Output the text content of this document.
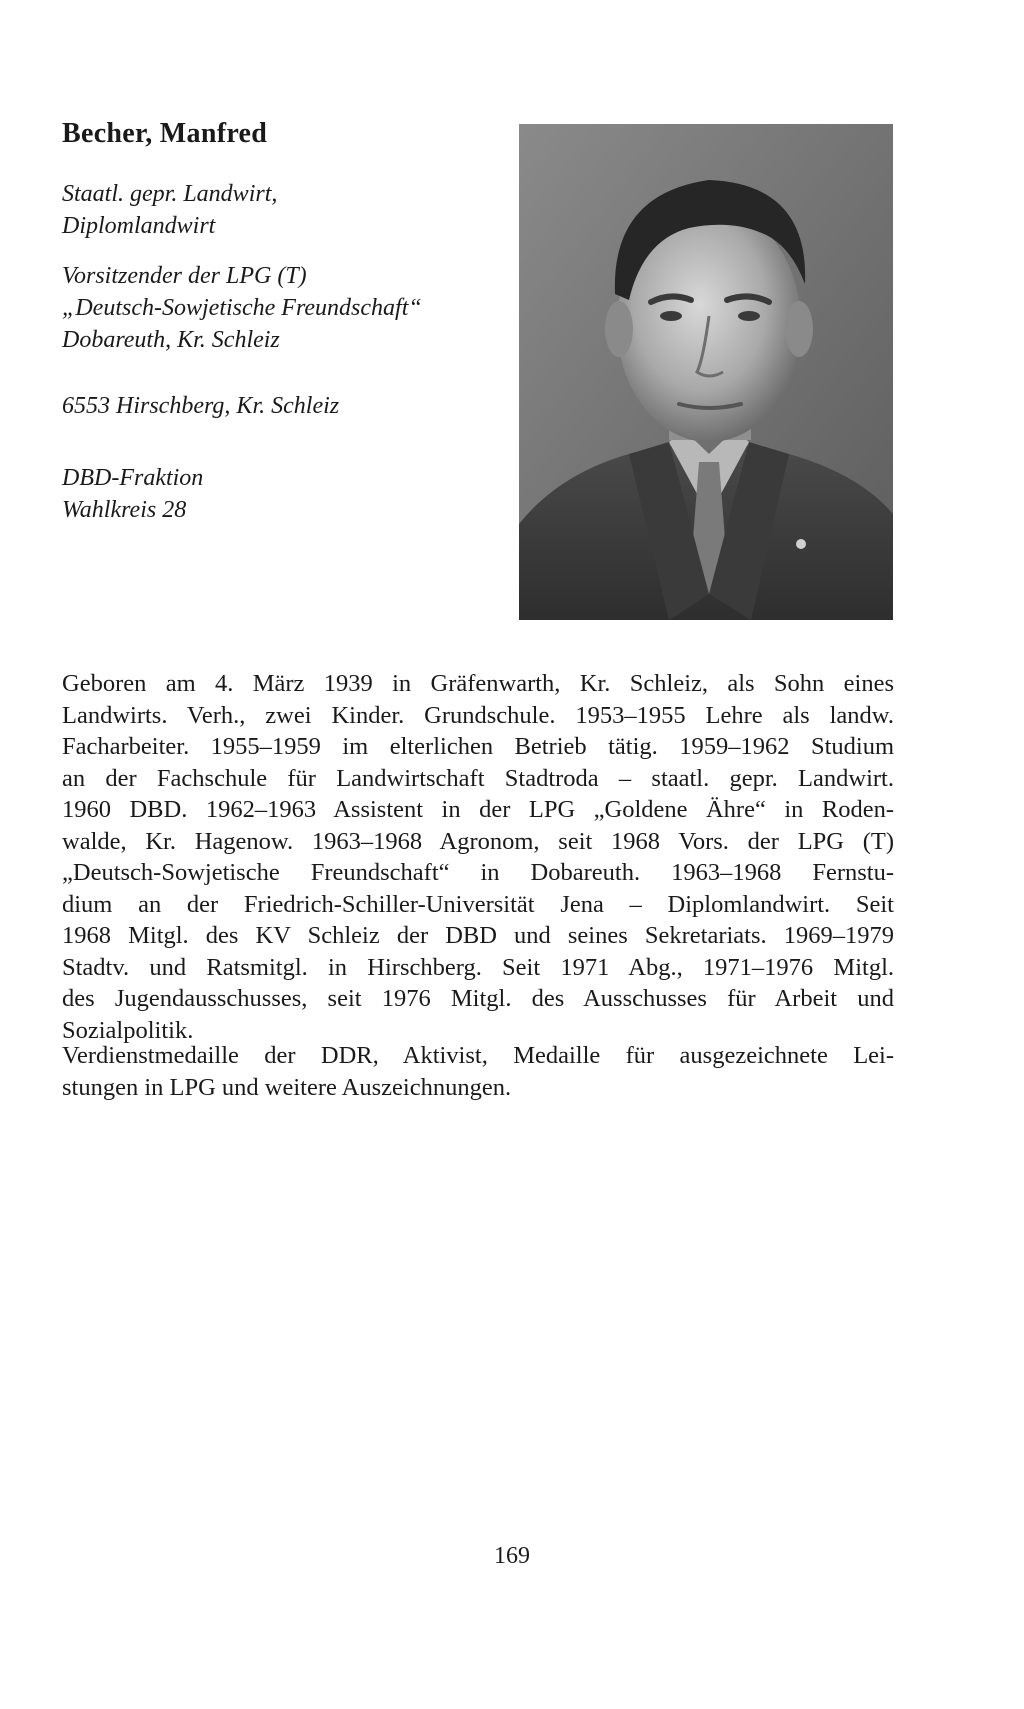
Becher, Manfred
Staatl. gepr. Landwirt,
Diplomlandwirt
Vorsitzender der LPG (T)
„Deutsch-Sowjetische Freundschaft“
Dobareuth, Kr. Schleiz
6553 Hirschberg, Kr. Schleiz
DBD-Fraktion
Wahlkreis 28
Geboren am 4. März 1939 in Gräfenwarth, Kr. Schleiz, als Sohn eines
Landwirts. Verh., zwei Kinder. Grundschule. 1953–1955 Lehre als landw.
Facharbeiter. 1955–1959 im elterlichen Betrieb tätig. 1959–1962 Studium
an der Fachschule für Landwirtschaft Stadtroda – staatl. gepr. Landwirt.
1960 DBD. 1962–1963 Assistent in der LPG „Goldene Ähre“ in Roden-
walde, Kr. Hagenow. 1963–1968 Agronom, seit 1968 Vors. der LPG (T)
„Deutsch-Sowjetische Freundschaft“ in Dobareuth. 1963–1968 Fernstu-
dium an der Friedrich-Schiller-Universität Jena – Diplomlandwirt. Seit
1968 Mitgl. des KV Schleiz der DBD und seines Sekretariats. 1969–1979
Stadtv. und Ratsmitgl. in Hirschberg. Seit 1971 Abg., 1971–1976 Mitgl.
des Jugendausschusses, seit 1976 Mitgl. des Ausschusses für Arbeit und
Sozialpolitik.
Verdienstmedaille der DDR, Aktivist, Medaille für ausgezeichnete Lei-
stungen in LPG und weitere Auszeichnungen.
169
